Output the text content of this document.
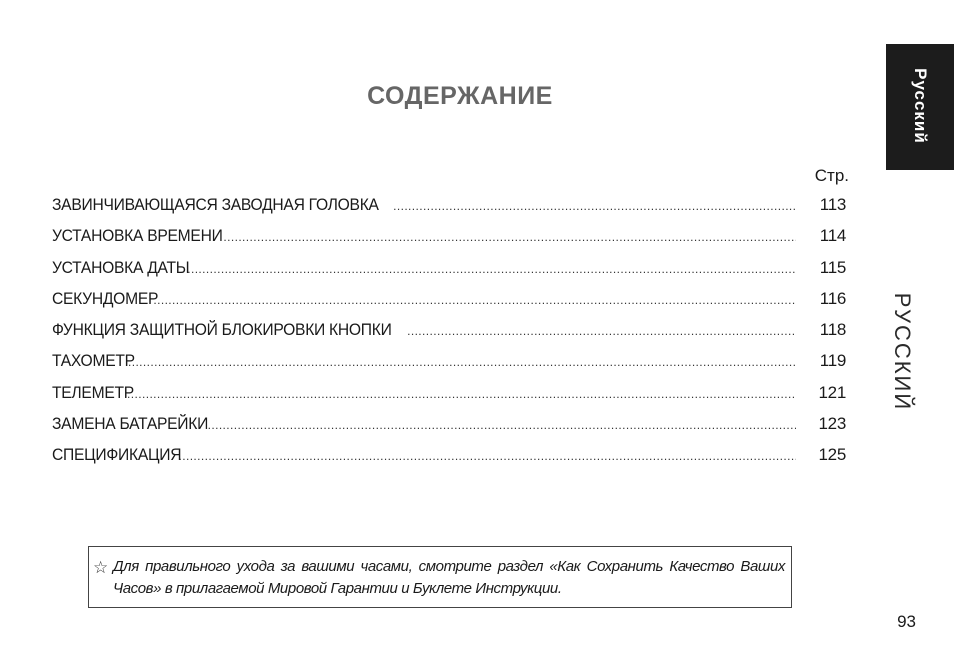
Русский
РУССКИЙ
СОДЕРЖАНИЕ
Стр.
ЗАВИНЧИВАЮЩАЯСЯ ЗАВОДНАЯ ГОЛОВКА .....	113
УСТАНОВКА ВРЕМЕНИ .....	114
УСТАНОВКА ДАТЫ .....	115
СЕКУНДОМЕР .....	116
ФУНКЦИЯ ЗАЩИТНОЙ БЛОКИРОВКИ КНОПКИ .....	118
ТАХОМЕТР .....	119
ТЕЛЕМЕТР .....	121
ЗАМЕНА БАТАРЕЙКИ .....	123
СПЕЦИФИКАЦИЯ .....	125
☆ Для правильного ухода за вашими часами, смотрите раздел «Как Сохранить Качество Ваших Часов» в прилагаемой Мировой Гарантии и Буклете Инструкции.
93
